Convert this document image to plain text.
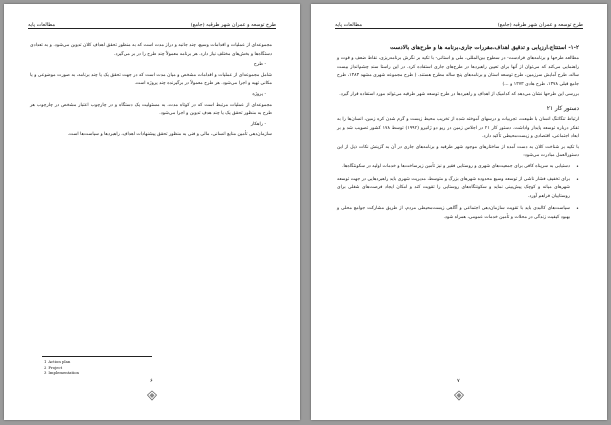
طرح توسعه و عمران شهر طرقبه (جامع)
مطالعات پایه

مجموعه‌ای از عملیات و اقدامات وسیع، چند جانبه و دراز مدت است که به منظور تحقق اهداف کلان تدوین می‌شود. و به تعدادی دستگاه‌ها و بخش‌های مختلف نیاز دارد. هر برنامه معمولاً چند طرح را در بر می‌گیرد.

- طرح

شامل مجموعه‌ای از عملیات و اقدامات مشخص و میان مدت است که در جهت تحقق یک یا چند برنامه، به صورت موضوعی و یا مکانی تهیه و اجرا می‌شود. هر طرح معمولاً در برگیرنده چند پروژه است.

- پروژه

مجموعه‌ای از عملیات مرتبط است که در کوتاه مدت، به مسئولیت یک دستگاه و در چارچوب اعتبار مشخص در چارچوب هر طرح به منظور تحقق یک یا چند هدف تدوین و اجرا می‌شود.

- راهکار

سازمان‌دهی تأمین منابع انسانی، مالی و فنی به منظور تحقق پیشنهادات اهداف، راهبردها و سیاست‌ها است.

1 Action plan
2 Project
3 Implementation
۶
طرح توسعه و عمران شهر طرقبه (جامع)
مطالعات پایه

۱-۲- استنتاج،ارزیابی و تدقیق اهداف،مقررات جاری،برنامه ها و طرح‌های بالادست

مطالعه طرحها و برنامه‌های فرادست- در سطوح بین‌المللی، ملی و استانی- با تکیه بر نگرش برنامه‌ریزی، نقاط ضعف و قوت و راهنمایی می‌کند که می‌توان از آنها برای تعیین راهبردها در طرح‌های جاری استفاده کرد. در این راستا سند چشم‌انداز بیست ساله، طرح آمایش سرزمین، طرح توسعه استان و برنامه‌های پنج ساله مطرح هستند. ( طرح مجموعه شهری مشهد ۱۳۸۳، طرح جامع قبلی ۱۳۷۸، طرح هادی ۱۳۷۳ و ...)

بررسی این طرحها نشان می‌دهد که کدامیک از اهداف و راهبردها در طرح توسعه شهر طرقبه می‌تواند مورد استفاده قرار گیرد.

دستور کار ۲۱

ارتباط تنگاتنگ انسان با طبیعت، تجربیات و درسهای آموخته شده از تخریب محیط زیست و گرم شدن کره زمین، انسان‌ها را به تفکر درباره توسعه پایدار واداشت. دستور کار ۲۱ در اجلاس زمین در ریو دو ژانیرو (۱۹۹۲) توسط ۱۷۸ کشور تصویب شد و بر ابعاد اجتماعی، اقتصادی و زیست‌محیطی تأکید دارد.

با تکیه بر شناخت کلان به دست آمده از ساختارهای موجود شهر طرقبه و برنامه‌های جاری در آن به گزینش نکات ذیل از این دستورالعمل مبادرت می‌شود:

•
دستیابی به سرپناه کافی برای جمعیت‌های شهری و روستایی فقیر و نیز تأمین زیرساخت‌ها و خدمات اولیه در سکونتگاه‌ها.
•
برای تخفیف فشار ناشی از توسعه وسیع محدوده شهرهای بزرگ و متوسط، مدیریت شهری باید راهبردهایی در جهت توسعه شهرهای میانه و کوچک پیش‌بینی نماید و سکونتگاه‌های روستایی را تقویت کند و امکان ایجاد فرصت‌های شغلی برای روستاییان فراهم آورد.
•
سیاست‌های کالبدی باید با تقویت سازمان‌دهی اجتماعی و آگاهی زیست‌محیطی مردم، از طریق مشارکت جوامع محلی و بهبود کیفیت زندگی در محلات و تأمین خدمات عمومی، همراه شود.
۷
